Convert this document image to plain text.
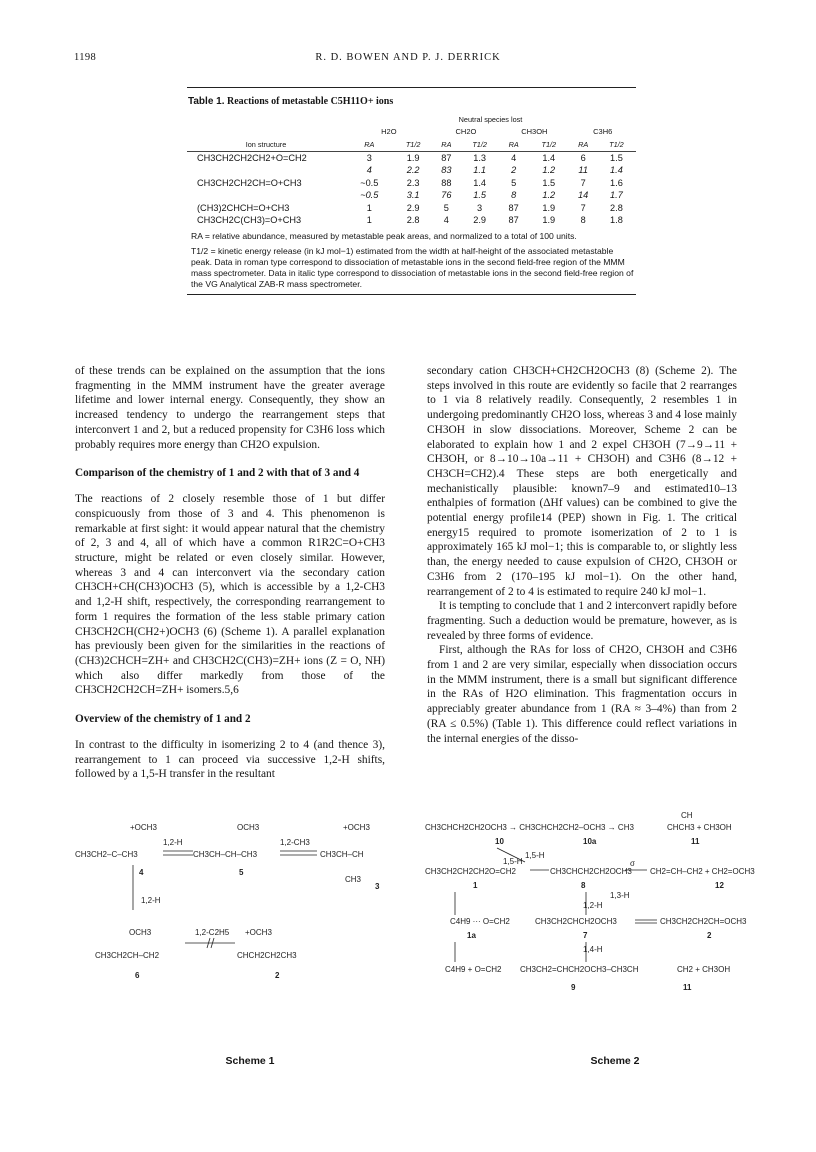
1198	R. D. BOWEN AND P. J. DERRICK
Table 1. Reactions of metastable C5H11O+ ions
	Neutral species lost							
	H2O		CH2O		CH3OH		C3H6	
Ion structure	RA	T1/2	RA	T1/2	RA	T1/2	RA	T1/2
CH3CH2CH2CH2+O=CH2	3	1.9	87	1.3	4	1.4	6	1.5
	4	2.2	83	1.1	2	1.2	11	1.4
CH3CH2CH2CH=O+CH3	~0.5	2.3	88	1.4	5	1.5	7	1.6
	~0.5	3.1	76	1.5	8	1.2	14	1.7
(CH3)2CHCH=O+CH3	1	2.9	5	3	87	1.9	7	2.8
CH3CH2C(CH3)=O+CH3	1	2.8	4	2.9	87	1.9	8	1.8
RA = relative abundance, measured by metastable peak areas, and normalized to a total of 100 units.
T1/2 = kinetic energy release (in kJ mol−1) estimated from the width at half-height of the associated metastable peak. Data in roman type correspond to dissociation of metastable ions in the second field-free region of the MMM mass spectrometer. Data in italic type correspond to dissociation of metastable ions in the second field-free region of the VG Analytical ZAB-R mass spectrometer.

of these trends can be explained on the assumption that the ions fragmenting in the MMM instrument have the greater average lifetime and lower internal energy. Consequently, they show an increased tendency to undergo the rearrangement steps that interconvert 1 and 2, but a reduced propensity for C3H6 loss which probably requires more energy than CH2O expulsion.

Comparison of the chemistry of 1 and 2 with that of 3 and 4

The reactions of 2 closely resemble those of 1 but differ conspicuously from those of 3 and 4. This phenomenon is remarkable at first sight: it would appear natural that the chemistry of 2, 3 and 4, all of which have a common R1R2C=O+CH3 structure, might be related or even closely similar. However, whereas 3 and 4 can interconvert via the secondary cation CH3CH+CH(CH3)OCH3 (5), which is accessible by a 1,2-CH3 and 1,2-H shift, respectively, the corresponding rearrangement to form 1 requires the formation of the less stable primary cation CH3CH2CH(CH2+)OCH3 (6) (Scheme 1). A parallel explanation has previously been given for the similarities in the reactions of (CH3)2CHCH=ZH+ and CH3CH2C(CH3)=ZH+ ions (Z = O, NH) which also differ markedly from those of the CH3CH2CH2CH=ZH+ isomers.5,6

Overview of the chemistry of 1 and 2

In contrast to the difficulty in isomerizing 2 to 4 (and thence 3), rearrangement to 1 can proceed via successive 1,2-H shifts, followed by a 1,5-H transfer in the resultant

secondary cation CH3CH+CH2CH2OCH3 (8) (Scheme 2). The steps involved in this route are evidently so facile that 2 rearranges to 1 via 8 relatively readily. Consequently, 2 resembles 1 in undergoing predominantly CH2O loss, whereas 3 and 4 lose mainly CH3OH in slow dissociations. Moreover, Scheme 2 can be elaborated to explain how 1 and 2 expel CH3OH (7→9→11 + CH3OH, or 8→10→10a→11 + CH3OH) and C3H6 (8→12 + CH3CH=CH2).4 These steps are both energetically and mechanistically plausible: known7–9 and estimated10–13 enthalpies of formation (ΔHf values) can be combined to give the potential energy profile14 (PEP) shown in Fig. 1. The critical energy15 required to promote isomerization of 2 to 1 is approximately 165 kJ mol−1; this is comparable to, or slightly less than, the energy needed to cause expulsion of CH2O, CH3OH or C3H6 from 2 (170–195 kJ mol−1). On the other hand, rearrangement of 2 to 4 is estimated to require 240 kJ mol−1.

It is tempting to conclude that 1 and 2 interconvert rapidly before fragmenting. Such a deduction would be premature, however, as is revealed by three forms of evidence.

First, although the RAs for loss of CH2O, CH3OH and C3H6 from 1 and 2 are very similar, especially when dissociation occurs in the MMM instrument, there is a small but significant difference in the RAs of H2O elimination. This fragmentation occurs in appreciably greater abundance from 1 (RA ≈ 3–4%) than from 2 (RA ≤ 0.5%) (Table 1). This difference could reflect variations in the internal energies of the disso-

+OCH3	OCH3	+OCH3
CH3CH2–C–CH3	CH3CH–CH–CH3	CH3CH–CH
CH3
1,2-H	1,2-CH3
1,2-H
1,2-C2H5
4	5
3
CH3CH2CH–CH2	CHCH2CH2CH3
6	2
OCH3	+OCH3
CH3CHCH2CH2OCH3 → CH3CHCH2CH2–OCH3 → CH3	CHCH3 + CH3OH
10	10a	11
1,5-H
CH3CH2CH2CH2O=CH2	CH3CHCH2CH2OCH3 CH2=CH–CH2 + CH2=OCH3
1	8	12
1,3-H
1,2-H
C4H9 ··· O=CH2	CH3CH2CHCH2OCH3	CH3CH2CH2CH=OCH3
1a	7	2
1,4-H
C4H9 + O=CH2 CH3CH2=CHCH2OCH3–CH3CH	CH2 + CH3OH
9	11
1,5-H
CH
σ
Scheme 1	Scheme 2
